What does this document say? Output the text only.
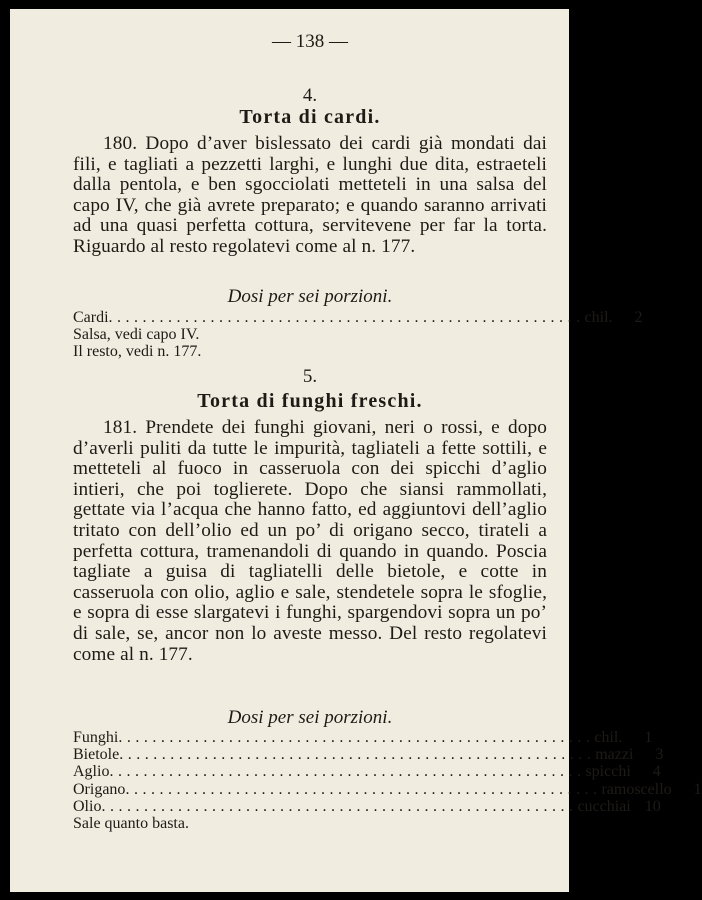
— 138 —
4.
Torta di cardi.
180. Dopo d’aver bislessato dei cardi già mondati dai fili, e tagliati a pezzetti larghi, e lunghi due dita, estraeteli dalla pentola, e ben sgocciolati metteteli in una salsa del capo IV, che già avrete preparato; e quando saranno arrivati ad una quasi perfetta cottura, servitevene per far la torta. Riguardo al resto regolatevi come al n. 177.
Dosi per sei porzioni.
Cardi ........................................................ chil.	2
Salsa, vedi capo IV.
Il resto, vedi n. 177.
5.
Torta di funghi freschi.
181. Prendete dei funghi giovani, neri o rossi, e dopo d’averli puliti da tutte le impurità, tagliateli a fette sottili, e metteteli al fuoco in casseruola con dei spicchi d’aglio intieri, che poi toglierete. Dopo che siansi rammollati, gettate via l’acqua che hanno fatto, ed aggiuntovi dell’aglio tritato con dell’olio ed un po’ di origano secco, tirateli a perfetta cottura, tramenandoli di quando in quando. Poscia tagliate a guisa di tagliatelli delle bietole, e cotte in casseruola con olio, aglio e sale, stendetele sopra le sfoglie, e sopra di esse slargatevi i funghi, spargendovi sopra un po’ di sale, se, ancor non lo aveste messo. Del resto regolatevi come al n. 177.
Dosi per sei porzioni.
Funghi ........................................................ chil.	1
Bietole ........................................................ mazzi	3
Aglio ........................................................ spicchi	4
Origano ........................................................ ramoscello	1
Olio ........................................................ cucchiai 10
Sale quanto basta.
